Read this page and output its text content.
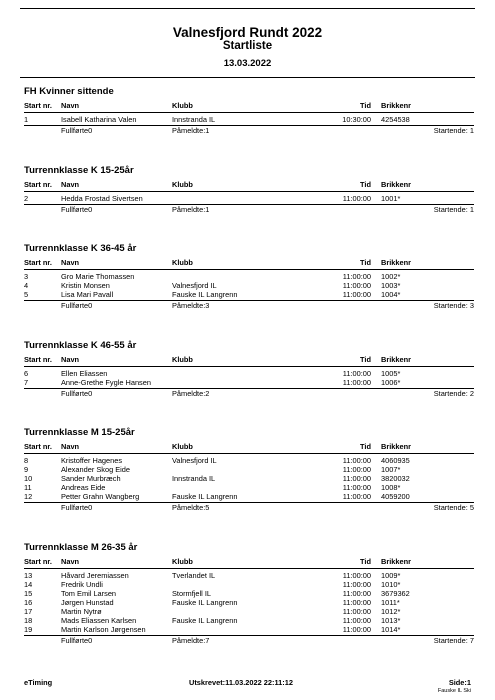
Valnesfjord Rundt 2022
Startliste
13.03.2022
FH Kvinner sittende
Start nr. Navn	Klubb	Tid Brikkenr
1	Isabell Katharina Valen	Innstranda IL	10:30:00 4254538
Fullførte0	Påmeldte:1	Startende: 1
Turrennklasse K 15-25år
Start nr. Navn	Klubb	Tid Brikkenr
2	Hedda Frostad Sivertsen	11:00:00 1001*
Fullførte0	Påmeldte:1	Startende: 1
Turrennklasse K 36-45 år
Start nr. Navn	Klubb	Tid Brikkenr
3	Gro Marie Thomassen	11:00:00 1002*
4	Kristin Monsen	Valnesfjord IL	11:00:00 1003*
5	Lisa Mari Pavall	Fauske IL Langrenn	11:00:00 1004*
Fullførte0	Påmeldte:3	Startende: 3
Turrennklasse K 46-55 år
Start nr. Navn	Klubb	Tid Brikkenr
6	Ellen Eliassen	11:00:00 1005*
7	Anne-Grethe Fygle Hansen	11:00:00 1006*
Fullførte0	Påmeldte:2	Startende: 2
Turrennklasse M 15-25år
Start nr. Navn	Klubb	Tid Brikkenr
8	Kristoffer Hagenes	Valnesfjord IL	11:00:00 4060935
9	Alexander Skog Eide	11:00:00 1007*
10	Sander Murbræch	Innstranda IL	11:00:00 3820032
11	Andreas Eide	11:00:00 1008*
12	Petter Grahn Wangberg	Fauske IL Langrenn	11:00:00 4059200
Fullførte0	Påmeldte:5	Startende: 5
Turrennklasse M 26-35 år
Start nr. Navn	Klubb	Tid Brikkenr
13	Håvard Jeremiassen	Tverlandet IL	11:00:00 1009*
14	Fredrik Undli	11:00:00 1010*
15	Tom Emil Larsen	Stormfjell IL	11:00:00 3679362
16	Jørgen Hunstad	Fauske IL Langrenn	11:00:00 1011*
17	Martin Nytrø	11:00:00 1012*
18	Mads Eliassen Karlsen	Fauske IL Langrenn	11:00:00 1013*
19	Martin Karlson Jørgensen	11:00:00 1014*
Fullførte0	Påmeldte:7	Startende: 7
eTiming	Utskrevet:11.03.2022 22:11:12	Side:1
Fauske IL Ski
